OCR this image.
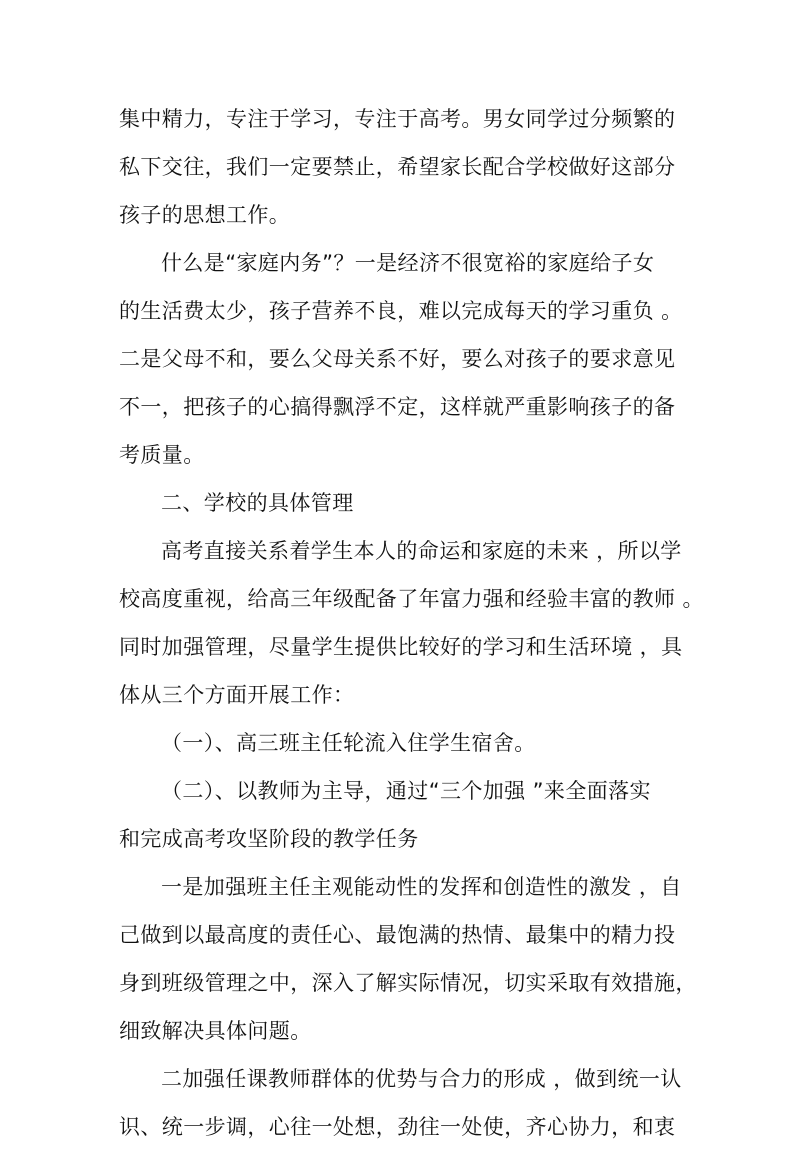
集中精力，专注于学习，专注于高考。男女同学过分频繁的
私下交往，我们一定要禁止，希望家长配合学校做好这部分
孩子的思想工作。
什么是“家庭内务”？一是经济不很宽裕的家庭给子女
的生活费太少，孩子营养不良，难以完成每天的学习重负 。
二是父母不和，要么父母关系不好，要么对孩子的要求意见
不一，把孩子的心搞得飘浮不定，这样就严重影响孩子的备
考质量。
二、学校的具体管理
高考直接关系着学生本人的命运和家庭的未来 ，所以学
校高度重视，给高三年级配备了年富力强和经验丰富的教师 。
同时加强管理，尽量学生提供比较好的学习和生活环境 ，具
体从三个方面开展工作：
（一）、高三班主任轮流入住学生宿舍。
（二）、以教师为主导，通过“三个加强 ”来全面落实
和完成高考攻坚阶段的教学任务
一是加强班主任主观能动性的发挥和创造性的激发 ，自
己做到以最高度的责任心、最饱满的热情、最集中的精力投
身到班级管理之中，深入了解实际情况，切实采取有效措施，
细致解决具体问题。
二加强任课教师群体的优势与合力的形成 ，做到统一认
识、统一步调，心往一处想，劲往一处使，齐心协力，和衷
